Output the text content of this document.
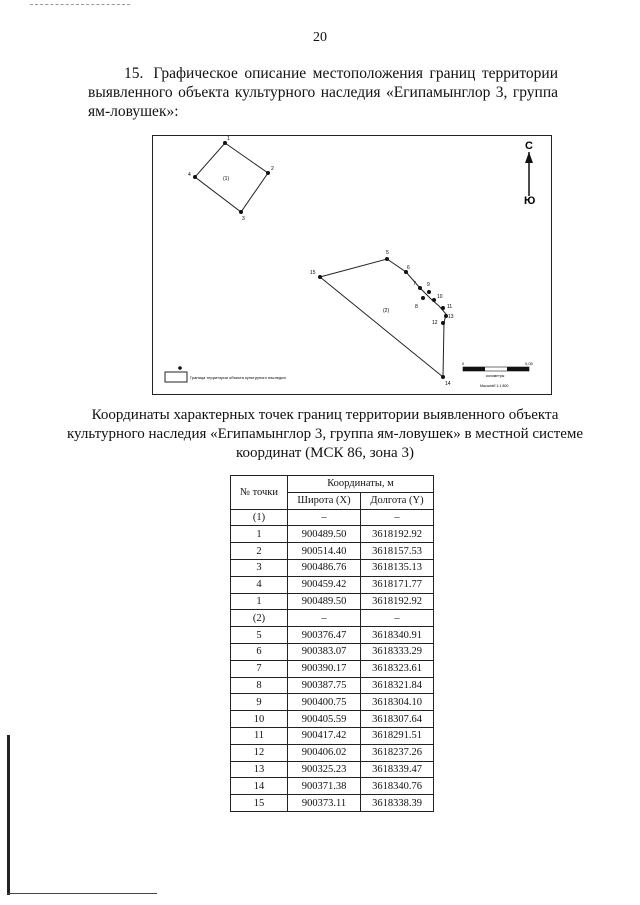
20
15. Графическое описание местоположения границ территории выявленного объекта культурного наследия «Египамынглор 3, группа ям-ловушек»:
1
2
3
4
(1)
5
6
7
8
9
10
11
12
13
14
15
(2)
С
Ю
Граница территории объекта культурного наследия
0	0,05
километры
Масштаб 1:1 800
Координаты характерных точек границ территории выявленного объекта культурного наследия «Египамынглор 3, группа ям-ловушек» в местной системе координат (МСК 86, зона 3)
№ точки	Координаты, м	
	Широта (X)	Долгота (Y)
(1)	–	–
1	900489.50	3618192.92
2	900514.40	3618157.53
3	900486.76	3618135.13
4	900459.42	3618171.77
1	900489.50	3618192.92
(2)	–	–
5	900376.47	3618340.91
6	900383.07	3618333.29
7	900390.17	3618323.61
8	900387.75	3618321.84
9	900400.75	3618304.10
10	900405.59	3618307.64
11	900417.42	3618291.51
12	900406.02	3618237.26
13	900325.23	3618339.47
14	900371.38	3618340.76
15	900373.11	3618338.39
